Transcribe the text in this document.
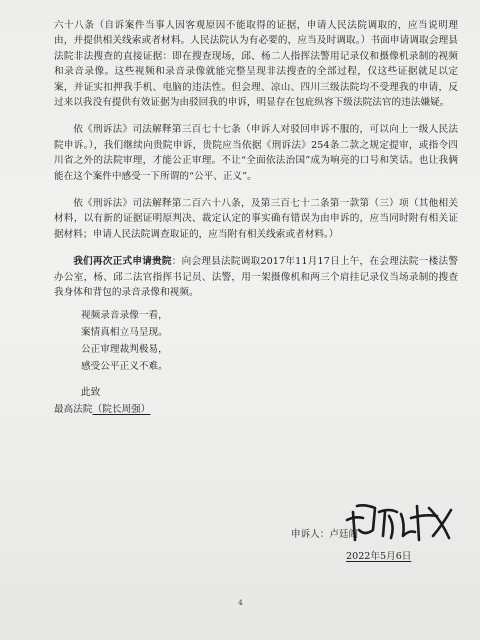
六十八条（自诉案件当事人因客观原因不能取得的证据，申请人民法院调取的，应当说明理由，并提供相关线索或者材料。人民法院认为有必要的，应当及时调取。）书面申请调取会理县法院非法搜查的直接证据：即在搜查现场，邱、杨二人指挥法警用记录仪和摄像机录制的视频和录音录像。这些视频和录音录像就能完整呈现非法搜查的全部过程，仅这些证据就足以定案，并证实扣押我手机、电脑的违法性。但会理、凉山、四川三级法院均不受理我的申请，反过来以我没有提供有效证据为由驳回我的申诉，明显存在包庇纵容下级法院法官的违法嫌疑。

依《刑诉法》司法解释第三百七十七条（申诉人对驳回申诉不服的，可以向上一级人民法院申诉。），我们继续向贵院申诉，贵院应当依据《刑诉法》254条二款之规定提审，或指令四川省之外的法院审理，才能公正审理。不让“全面依法治国”成为响亮的口号和笑话。也让我俩能在这个案件中感受一下所谓的“公平、正义”。

依《刑诉法》司法解释第二百六十八条，及第三百七十二条第一款第（三）项（其他相关材料，以有新的证据证明原判决、裁定认定的事实确有错误为由申诉的，应当同时附有相关证据材料；申请人民法院调查取证的，应当附有相关线索或者材料。）

我们再次正式申请贵院：向会理县法院调取2017年11月17日上午，在会理法院一楼法警办公室，杨、邱二法官指挥书记员、法警，用一架摄像机和两三个肩挂记录仪当场录制的搜查我身体和背包的录音录像和视频。

视频录音录像一看，
案情真相立马呈现。
公正审理裁判极易，
感受公平正义不难。
此致
最高法院（院长周强）
申诉人：卢廷阁
2022年5月6日
4
